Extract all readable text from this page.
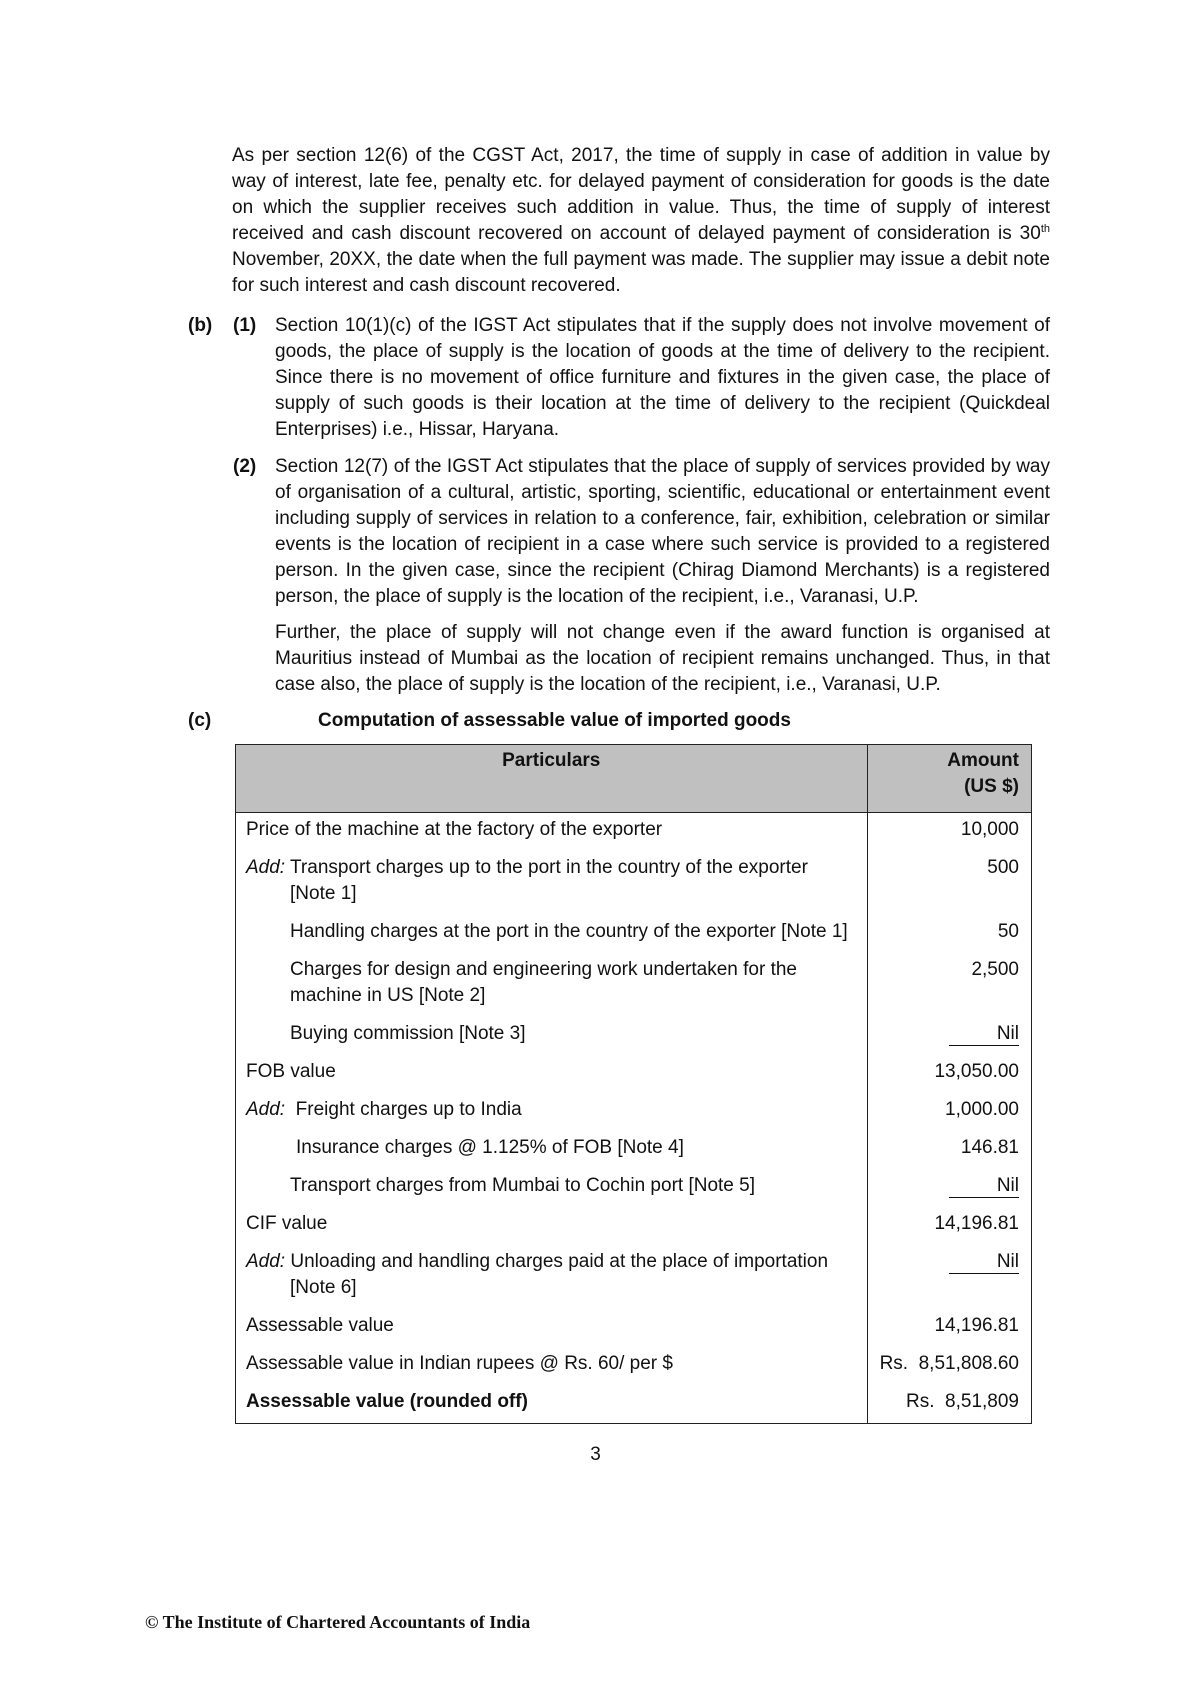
As per section 12(6) of the CGST Act, 2017, the time of supply in case of addition in value by way of interest, late fee, penalty etc. for delayed payment of consideration for goods is the date on which the supplier receives such addition in value. Thus, the time of supply of interest received and cash discount recovered on account of delayed payment of consideration is 30th November, 20XX, the date when the full payment was made. The supplier may issue a debit note for such interest and cash discount recovered.
(b) (1) Section 10(1)(c) of the IGST Act stipulates that if the supply does not involve movement of goods, the place of supply is the location of goods at the time of delivery to the recipient. Since there is no movement of office furniture and fixtures in the given case, the place of supply of such goods is their location at the time of delivery to the recipient (Quickdeal Enterprises) i.e., Hissar, Haryana.
(2) Section 12(7) of the IGST Act stipulates that the place of supply of services provided by way of organisation of a cultural, artistic, sporting, scientific, educational or entertainment event including supply of services in relation to a conference, fair, exhibition, celebration or similar events is the location of recipient in a case where such service is provided to a registered person. In the given case, since the recipient (Chirag Diamond Merchants) is a registered person, the place of supply is the location of the recipient, i.e., Varanasi, U.P.
Further, the place of supply will not change even if the award function is organised at Mauritius instead of Mumbai as the location of recipient remains unchanged. Thus, in that case also, the place of supply is the location of the recipient, i.e., Varanasi, U.P.
(c)	Computation of assessable value of imported goods
Particulars	Amount
(US $)

Price of the machine at the factory of the exporter	10,000

Add: Transport charges up to the port in the country of the exporter [Note 1]	500

Handling charges at the port in the country of the exporter [Note 1]	50

Charges for design and engineering work undertaken for the machine in US [Note 2]	2,500

Buying commission [Note 3]	Nil
FOB value	13,050.00
Add:  Freight charges up to India	1,000.00

Insurance charges @ 1.125% of FOB [Note 4]	146.81

Transport charges from Mumbai to Cochin port [Note 5]	Nil
CIF value	14,196.81

Add: Unloading and handling charges paid at the place of importation [Note 6]	Nil
Assessable value	14,196.81
Assessable value in Indian rupees @ Rs. 60/ per $	Rs.  8,51,808.60
Assessable value (rounded off)	Rs.  8,51,809
3
© The Institute of Chartered Accountants of India
